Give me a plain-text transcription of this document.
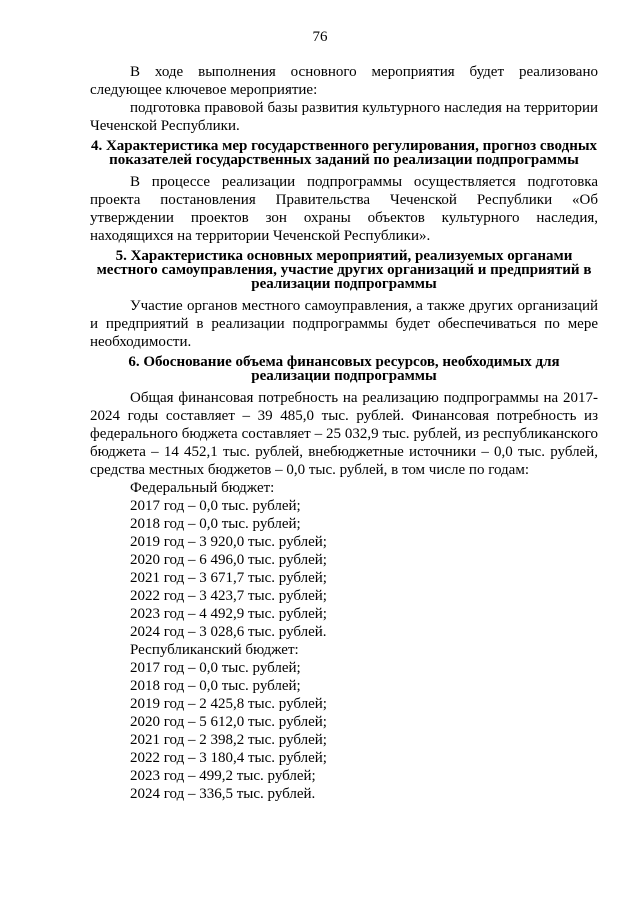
76

В ходе выполнения основного мероприятия будет реализовано следующее ключевое мероприятие:

подготовка правовой базы развития культурного наследия на территории Чеченской Республики.

4. Характеристика мер государственного регулирования, прогноз сводных показателей государственных заданий по реализации подпрограммы

В процессе реализации подпрограммы осуществляется подготовка проекта постановления Правительства Чеченской Республики «Об утверждении проектов зон охраны объектов культурного наследия, находящихся на территории Чеченской Республики».

5. Характеристика основных мероприятий, реализуемых органами местного самоуправления, участие других организаций и предприятий в реализации подпрограммы

Участие органов местного самоуправления, а также других организаций и предприятий в реализации подпрограммы будет обеспечиваться по мере необходимости.

6. Обоснование объема финансовых ресурсов, необходимых для реализации подпрограммы

Общая финансовая потребность на реализацию подпрограммы на 2017-2024 годы составляет – 39 485,0 тыс. рублей. Финансовая потребность из федерального бюджета составляет – 25 032,9 тыс. рублей, из республиканского бюджета – 14 452,1 тыс. рублей, внебюджетные источники – 0,0 тыс. рублей, средства местных бюджетов – 0,0 тыс. рублей, в том числе по годам:

Федеральный бюджет:
2017 год – 0,0 тыс. рублей;
2018 год – 0,0 тыс. рублей;
2019 год – 3 920,0 тыс. рублей;
2020 год – 6 496,0 тыс. рублей;
2021 год – 3 671,7 тыс. рублей;
2022 год – 3 423,7 тыс. рублей;
2023 год – 4 492,9 тыс. рублей;
2024 год – 3 028,6 тыс. рублей.
Республиканский бюджет:
2017 год – 0,0 тыс. рублей;
2018 год – 0,0 тыс. рублей;
2019 год – 2 425,8 тыс. рублей;
2020 год – 5 612,0 тыс. рублей;
2021 год – 2 398,2 тыс. рублей;
2022 год – 3 180,4 тыс. рублей;
2023 год – 499,2 тыс. рублей;
2024 год – 336,5 тыс. рублей.
